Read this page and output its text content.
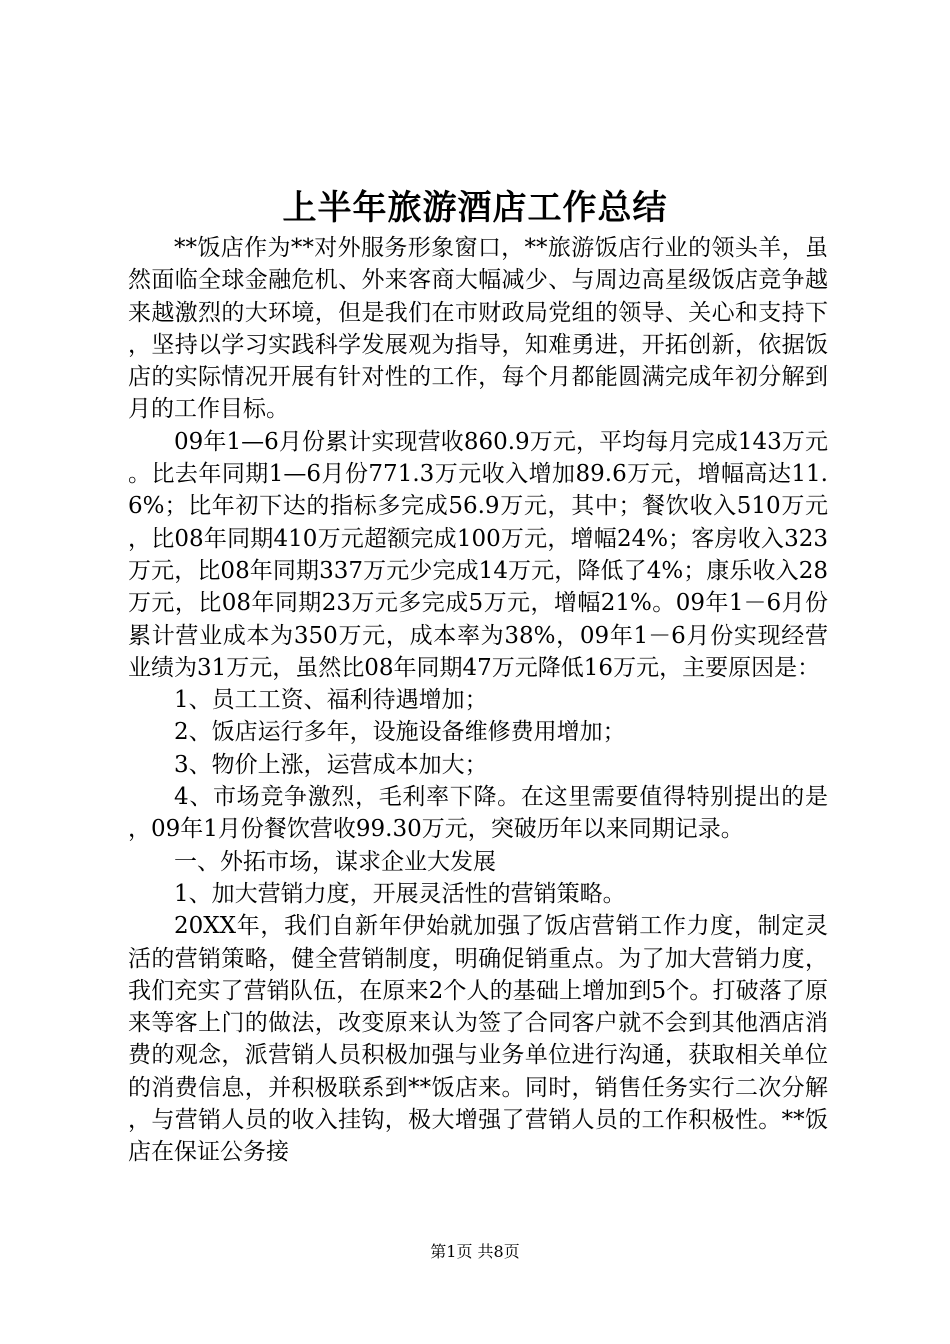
上半年旅游酒店工作总结

**饭店作为**对外服务形象窗口，**旅游饭店行业的领头羊，虽然面临全球金融危机、外来客商大幅减少、与周边高星级饭店竞争越来越激烈的大环境，但是我们在市财政局党组的领导、关心和支持下，坚持以学习实践科学发展观为指导，知难勇进，开拓创新，依据饭店的实际情况开展有针对性的工作，每个月都能圆满完成年初分解到月的工作目标。

09年1—6月份累计实现营收860.9万元，平均每月完成143万元。比去年同期1—6月份771.3万元收入增加89.6万元，增幅高达11.6%；比年初下达的指标多完成56.9万元，其中；餐饮收入510万元，比08年同期410万元超额完成100万元，增幅24%；客房收入323万元，比08年同期337万元少完成14万元，降低了4%；康乐收入28万元，比08年同期23万元多完成5万元，增幅21%。09年1－6月份累计营业成本为350万元，成本率为38%，09年1－6月份实现经营业绩为31万元，虽然比08年同期47万元降低16万元，主要原因是：

1、员工工资、福利待遇增加；

2、饭店运行多年，设施设备维修费用增加；

3、物价上涨，运营成本加大；

4、市场竞争激烈，毛利率下降。在这里需要值得特别提出的是，09年1月份餐饮营收99.30万元，突破历年以来同期记录。

一、外拓市场，谋求企业大发展

1、加大营销力度，开展灵活性的营销策略。

20XX年，我们自新年伊始就加强了饭店营销工作力度，制定灵活的营销策略，健全营销制度，明确促销重点。为了加大营销力度，我们充实了营销队伍，在原来2个人的基础上增加到5个。打破落了原来等客上门的做法，改变原来认为签了合同客户就不会到其他酒店消费的观念，派营销人员积极加强与业务单位进行沟通，获取相关单位的消费信息，并积极联系到**饭店来。同时，销售任务实行二次分解，与营销人员的收入挂钩，极大增强了营销人员的工作积极性。**饭店在保证公务接

第1页 共8页
